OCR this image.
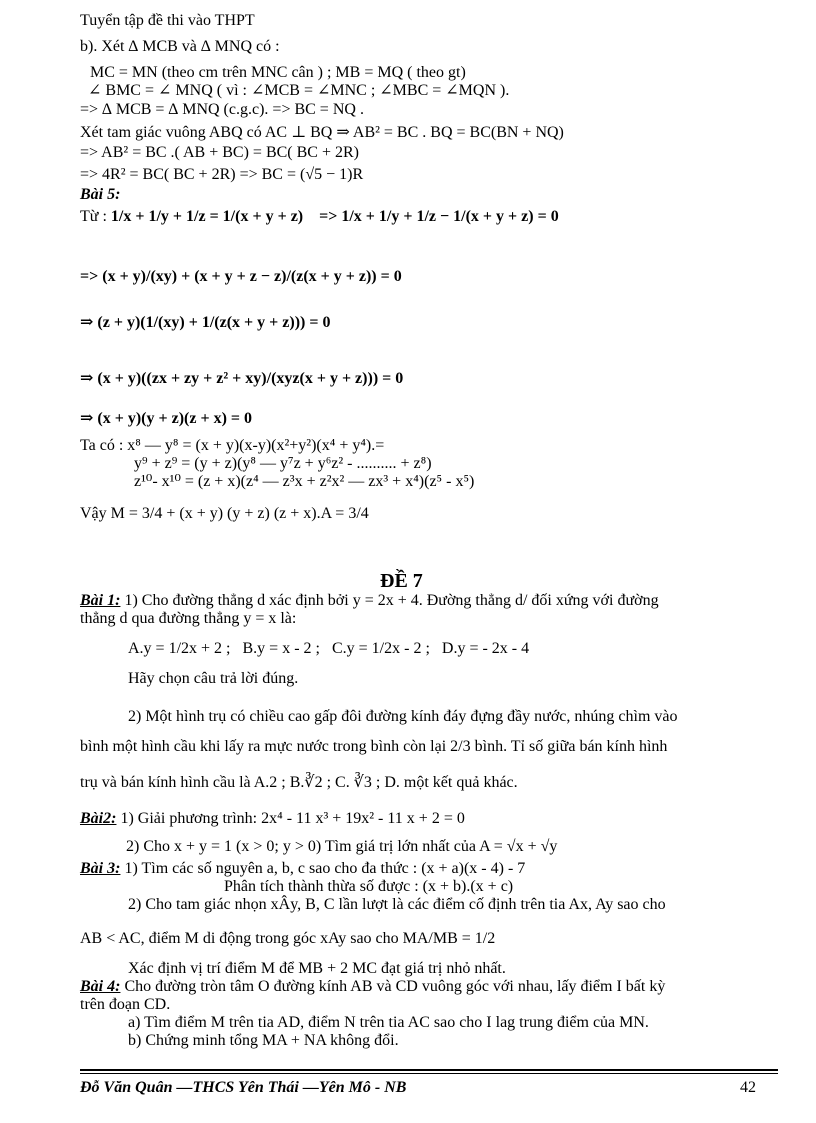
Tuyển tập đề thi vào THPT
b). Xét ∆ MCB và ∆ MNQ có :
MC = MN (theo cm trên MNC cân ) ; MB = MQ ( theo gt)
∠ BMC = ∠ MNQ ( vì : ∠MCB = ∠MNC ; ∠MBC = ∠MQN ).
=> ∆ MCB = ∆ MNQ (c.g.c). => BC = NQ .
Xét tam giác vuông ABQ có AC ⊥ BQ ⇒ AB² = BC . BQ = BC(BN + NQ)
=> AB² = BC .( AB + BC) = BC( BC + 2R)
=> 4R² = BC( BC + 2R) => BC = (√5 − 1)R
Bài 5:
Từ : 1/x + 1/y + 1/z = 1/(x + y + z) => 1/x + 1/y + 1/z − 1/(x + y + z) = 0
=> (x + y)/(xy) + (x + y + z − z)/(z(x + y + z)) = 0
⇒ (z + y)(1/(xy) + 1/(z(x + y + z))) = 0
⇒ (x + y)((zx + zy + z² + xy)/(xyz(x + y + z))) = 0
⇒ (x + y)(y + z)(z + x) = 0
Ta có : x⁸ — y⁸ = (x + y)(x-y)(x²+y²)(x⁴ + y⁴).=
y⁹ + z⁹ = (y + z)(y⁸ — y⁷z + y⁶z² - .......... + z⁸)
z¹⁰- x¹⁰ = (z + x)(z⁴ — z³x + z²x² — zx³ + x⁴)(z⁵ - x⁵)
Vậy M = 3/4 + (x + y) (y + z) (z + x).A = 3/4
ĐỀ 7
Bài 1: 1) Cho đường thẳng d xác định bởi y = 2x + 4. Đường thẳng d/ đối xứng với đường
thẳng d qua đường thẳng y = x là:
A.y = 1/2x + 2 ; B.y = x - 2 ; C.y = 1/2x - 2 ; D.y = - 2x - 4
Hãy chọn câu trả lời đúng.
2) Một hình trụ có chiều cao gấp đôi đường kính đáy đựng đầy nước, nhúng chìm vào
bình một hình cầu khi lấy ra mực nước trong bình còn lại 2/3 bình. Tỉ số giữa bán kính hình
trụ và bán kính hình cầu là A.2 ; B.∛2 ; C. ∛3 ; D. một kết quả khác.
Bài2: 1) Giải phương trình: 2x⁴ - 11 x³ + 19x² - 11 x + 2 = 0
2) Cho x + y = 1 (x > 0; y > 0) Tìm giá trị lớn nhất của A = √x + √y
Bài 3: 1) Tìm các số nguyên a, b, c sao cho đa thức : (x + a)(x - 4) - 7
Phân tích thành thừa số được : (x + b).(x + c)
2) Cho tam giác nhọn xÂy, B, C lần lượt là các điểm cố định trên tia Ax, Ay sao cho
AB < AC, điểm M di động trong góc xAy sao cho MA/MB = 1/2
Xác định vị trí điểm M để MB + 2 MC đạt giá trị nhỏ nhất.
Bài 4: Cho đường tròn tâm O đường kính AB và CD vuông góc với nhau, lấy điểm I bất kỳ
trên đoạn CD.
a) Tìm điểm M trên tia AD, điểm N trên tia AC sao cho I lag trung điểm của MN.
b) Chứng minh tổng MA + NA không đổi.
Đỗ Văn Quân —THCS Yên Thái —Yên Mô - NB	42
